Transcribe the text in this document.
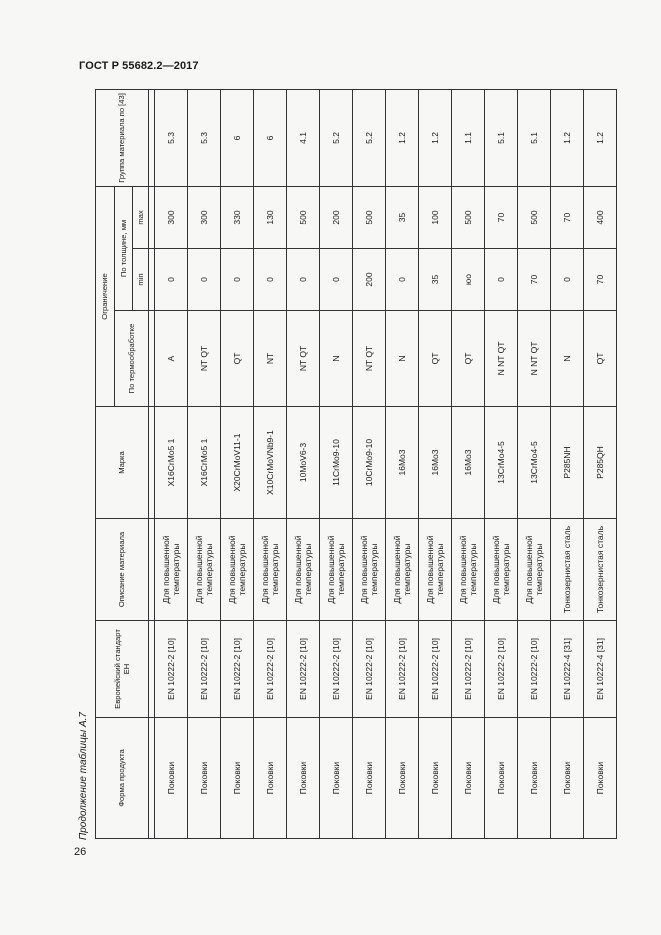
ГОСТ Р 55682.2—2017
Продолжение таблицы А.7	Форма продукта	Европейский стандарт ЕН	Описание материала	Марка	Ограничение			Группа материала по [43]
				По термообработке	По толщине, мм		
					min	max	

Поковки	EN 10222-2 [10]	Для повышенной температуры	X16CrMo5 1	A	0	300	5.3
Поковки	EN 10222-2 [10]	Для повышенной температуры	X16CrMo5 1	NT QT	0	300	5.3
Поковки	EN 10222-2 [10]	Для повышенной температуры	X20CrMoV11-1	QT	0	330	6
Поковки	EN 10222-2 [10]	Для повышенной температуры	X10CrMoVNb9-1	NT	0	130	6
Поковки	EN 10222-2 [10]	Для повышенной температуры	10MoV6-3	NT QT	0	500	4.1
Поковки	EN 10222-2 [10]	Для повышенной температуры	11CrMo9-10	N	0	200	5.2
Поковки	EN 10222-2 [10]	Для повышенной температуры	10CrMo9-10	NT QT	200	500	5.2
Поковки	EN 10222-2 [10]	Для повышенной температуры	16Mo3	N	0	35	1.2
Поковки	EN 10222-2 [10]	Для повышенной температуры	16Mo3	QT	35	100	1.2
Поковки	EN 10222-2 [10]	Для повышенной температуры	16Mo3	QT	юо	500	1.1
Поковки	EN 10222-2 [10]	Для повышенной температуры	13CrMo4-5	N NT QT	0	70	5.1
Поковки	EN 10222-2 [10]	Для повышенной температуры	13CrMo4-5	N NT QT	70	500	5.1
Поковки	EN 10222-4 [31]	Тонкозернистая сталь	P285NH	N	0	70	1.2
Поковки	EN 10222-4 [31]	Тонкозернистая сталь	P285QH	QT	70	400	1.2
26
